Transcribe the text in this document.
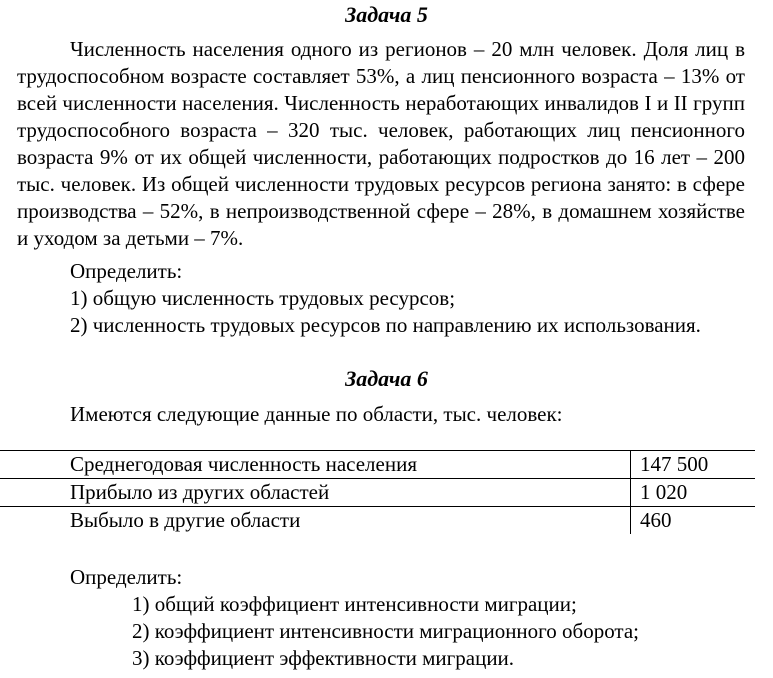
Задача 5

Численность населения одного из регионов – 20 млн человек. Доля лиц в трудоспособном возрасте составляет 53%, а лиц пенсионного возраста – 13% от всей численности населения. Численность неработающих инвалидов I и II групп трудоспособного возраста – 320 тыс. человек, работающих лиц пенсионного возраста 9% от их общей численности, работающих подростков до 16 лет – 200 тыс. человек. Из общей численности трудовых ресурсов региона занято: в сфере производства – 52%, в непроизводственной сфере – 28%, в домашнем хозяйстве и уходом за детьми – 7%.

Определить:
1) общую численность трудовых ресурсов;
2) численность трудовых ресурсов по направлению их использования.
Задача 6
Имеются следующие данные по области, тыс. человек:
Среднегодовая численность населения	147 500
Прибыло из других областей	1 020
Выбыло в другие области	460
Определить:
1) общий коэффициент интенсивности миграции;
2) коэффициент интенсивности миграционного оборота;
3) коэффициент эффективности миграции.
